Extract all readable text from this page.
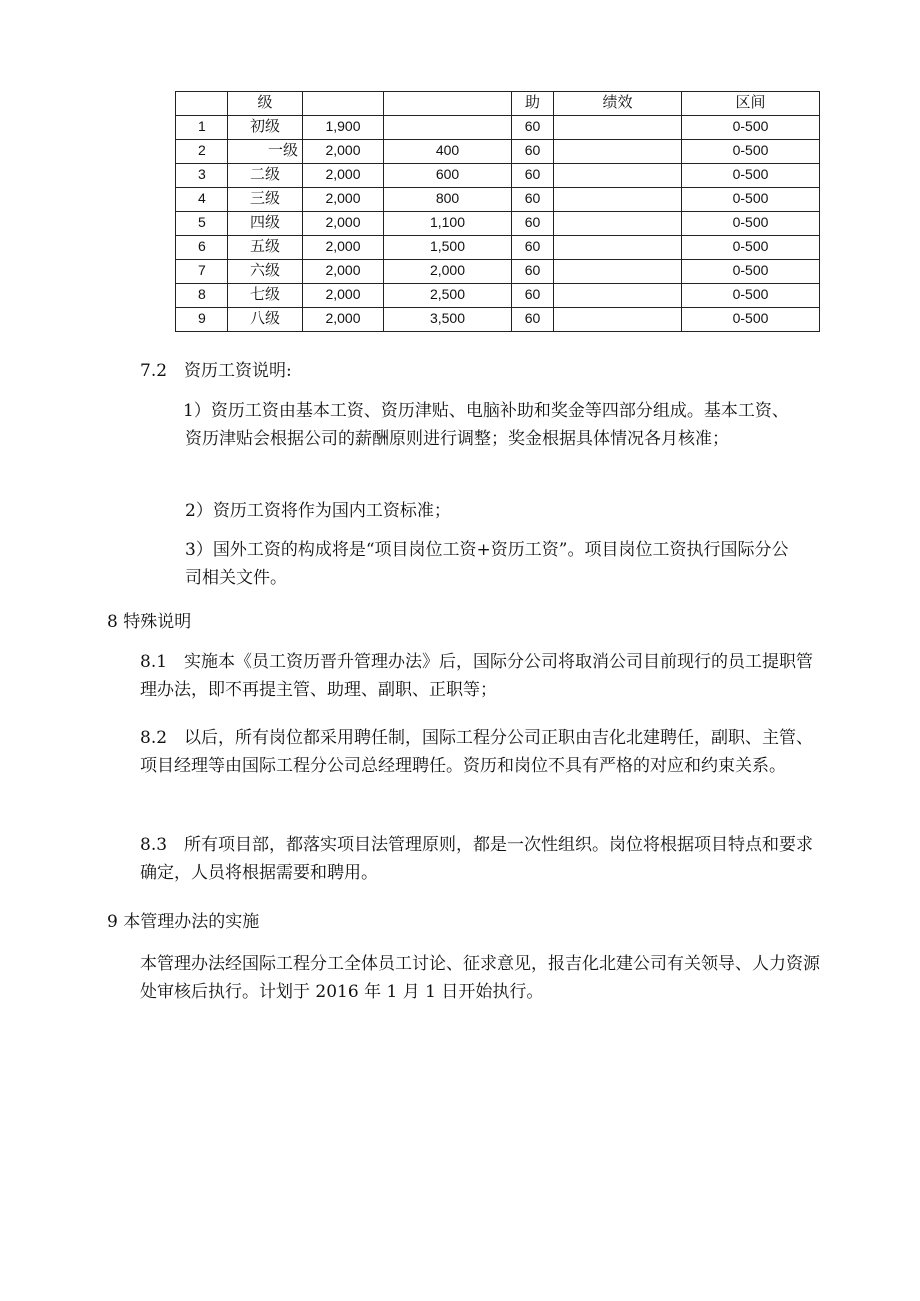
	级			助	绩效	区间
1	初级	1,900		60		0-500
2	一级	2,000	400	60		0-500
3	二级	2,000	600	60		0-500
4	三级	2,000	800	60		0-500
5	四级	2,000	1,100	60		0-500
6	五级	2,000	1,500	60		0-500
7	六级	2,000	2,000	60		0-500
8	七级	2,000	2,500	60		0-500
9	八级	2,000	3,500	60		0-500

7.2　资历工资说明:

1）资历工资由基本工资、资历津贴、电脑补助和奖金等四部分组成。基本工资、资历津贴会根据公司的薪酬原则进行调整；奖金根据具体情况各月核准；

2）资历工资将作为国内工资标准；

3）国外工资的构成将是“项目岗位工资+资历工资”。项目岗位工资执行国际分公司相关文件。

8 特殊说明

8.1　实施本《员工资历晋升管理办法》后，国际分公司将取消公司目前现行的员工提职管理办法，即不再提主管、助理、副职、正职等；

8.2　以后，所有岗位都采用聘任制，国际工程分公司正职由吉化北建聘任，副职、主管、项目经理等由国际工程分公司总经理聘任。资历和岗位不具有严格的对应和约束关系。

8.3　所有项目部，都落实项目法管理原则，都是一次性组织。岗位将根据项目特点和要求确定，人员将根据需要和聘用。

9 本管理办法的实施

本管理办法经国际工程分工全体员工讨论、征求意见，报吉化北建公司有关领导、人力资源处审核后执行。计划于 2016 年 1 月 1 日开始执行。
